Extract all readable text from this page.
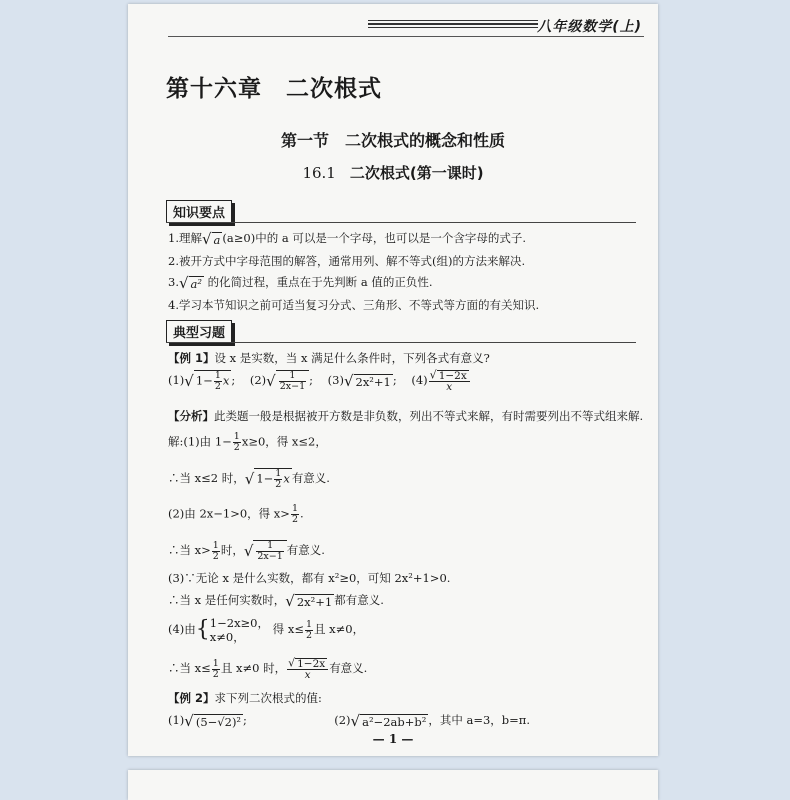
八年级数学(上)
第十六章　二次根式
第一节　二次根式的概念和性质
16.1 二次根式(第一课时)
知识要点
1.理解√ a (a≥0)中的 a 可以是一个字母，也可以是一个含字母的式子.
2.被开方式中字母范围的解答，通常用列、解不等式(组)的方法来解决.
3.√ a² 的化简过程，重点在于先判断 a 值的正负性.
4.学习本节知识之前可适当复习分式、三角形、不等式等方面的有关知识.
典型习题
【例 1】设 x 是实数，当 x 满足什么条件时，下列各式有意义?
(1)√ $1- \frac{1}{2}$ x ;    $(2)√ \frac{1}{2x-1}$ ;    (3)√ 2x²+1 ;    $(4) \frac{√ 1-2x}{x}$
【分析】此类题一般是根据被开方数是非负数，列出不等式来解，有时需要列出不等式组来解.
解:(1)由 $1- \frac{1}{2} x\ge 0$，得 x≤2，
∴当 x≤2 时，√ $1- \frac{1}{2}$ x 有意义.
(2)由 2x−1>0，得 $x> \frac{1}{2}$ .
∴当 $x> \frac{1}{2}$ 时，√ $\frac{1}{2x-1}$ 有意义.
(3)∵无论 x 是什么实数，都有 x²≥0，可知 2x²+1>0.
∴当 x 是任何实数时，√ 2x²+1 都有意义.
(4)由{1−2x≥0，
x≠0， 得 $x\le \frac{1}{2}$ 且 x≠0，
∴当 $x\le \frac{1}{2}$ 且 x≠0 时， $\frac{√ 1-2x}{x}$ 有意义.
【例 2】求下列二次根式的值:
(1)√ (5−√2)² ;	(2)√ a²−2ab+b² ，其中 a=3，b=π.
— 1 —
